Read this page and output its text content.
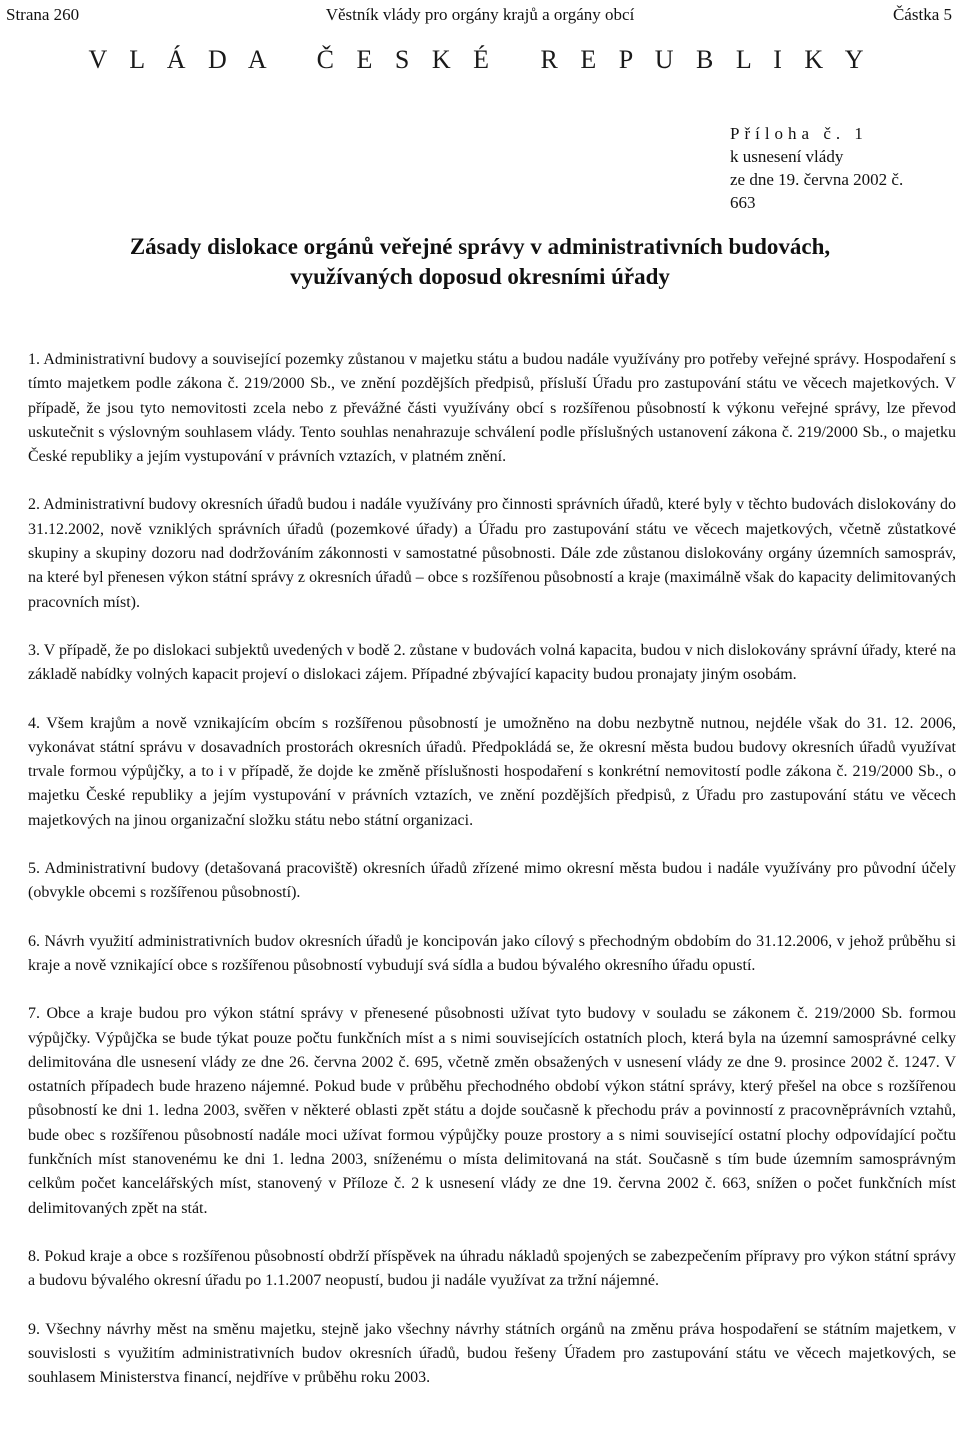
Strana 260	Věstník vlády pro orgány krajů a orgány obcí	Částka 5
V L Á D A   Č E S K É   R E P U B L I K Y
Příloha č. 1
k usnesení vlády
ze dne 19. června 2002 č. 663
Zásady dislokace orgánů veřejné správy v administrativních budovách,
využívaných doposud okresními úřady

1. Administrativní budovy a související pozemky zůstanou v majetku státu a budou nadále využívány pro potřeby veřejné správy. Hospodaření s tímto majetkem podle zákona č. 219/2000 Sb., ve znění pozdějších předpisů, přísluší Úřadu pro zastupování státu ve věcech majetkových. V případě, že jsou tyto nemovitosti zcela nebo z převážné části využívány obcí s rozšířenou působností k výkonu veřejné správy, lze převod uskutečnit s výslovným souhlasem vlády. Tento souhlas nenahrazuje schválení podle příslušných ustanovení zákona č. 219/2000 Sb., o majetku České republiky a jejím vystupování v právních vztazích, v platném znění.

2. Administrativní budovy okresních úřadů budou i nadále využívány pro činnosti správních úřadů, které byly v těchto budovách dislokovány do 31.12.2002, nově vzniklých správních úřadů (pozemkové úřady) a Úřadu pro zastupování státu ve věcech majetkových, včetně zůstatkové skupiny a skupiny dozoru nad dodržováním zákonnosti v samostatné působnosti. Dále zde zůstanou dislokovány orgány územních samospráv, na které byl přenesen výkon státní správy z okresních úřadů – obce s rozšířenou působností a kraje (maximálně však do kapacity delimitovaných pracovních míst).

3. V případě, že po dislokaci subjektů uvedených v bodě 2. zůstane v budovách volná kapacita, budou v nich dislokovány správní úřady, které na základě nabídky volných kapacit projeví o dislokaci zájem. Případné zbývající kapacity budou pronajaty jiným osobám.

4. Všem krajům a nově vznikajícím obcím s rozšířenou působností je umožněno na dobu nezbytně nutnou, nejdéle však do 31. 12. 2006, vykonávat státní správu v dosavadních prostorách okresních úřadů. Předpokládá se, že okresní města budou budovy okresních úřadů využívat trvale formou výpůjčky, a to i v případě, že dojde ke změně příslušnosti hospodaření s konkrétní nemovitostí podle zákona č. 219/2000 Sb., o majetku České republiky a jejím vystupování v právních vztazích, ve znění pozdějších předpisů, z Úřadu pro zastupování státu ve věcech majetkových na jinou organizační složku státu nebo státní organizaci.

5. Administrativní budovy (detašovaná pracoviště) okresních úřadů zřízené mimo okresní města budou i nadále využívány pro původní účely (obvykle obcemi s rozšířenou působností).

6. Návrh využití administrativních budov okresních úřadů je koncipován jako cílový s přechodným obdobím do 31.12.2006, v jehož průběhu si kraje a nově vznikající obce s rozšířenou působností vybudují svá sídla a budou bývalého okresního úřadu opustí.

7. Obce a kraje budou pro výkon státní správy v přenesené působnosti užívat tyto budovy v souladu se zákonem č. 219/2000 Sb. formou výpůjčky. Výpůjčka se bude týkat pouze počtu funkčních míst a s nimi souvisejících ostatních ploch, která byla na územní samosprávné celky delimitována dle usnesení vlády ze dne 26. června 2002 č. 695, včetně změn obsažených v usnesení vlády ze dne 9. prosince 2002 č. 1247. V ostatních případech bude hrazeno nájemné. Pokud bude v průběhu přechodného období výkon státní správy, který přešel na obce s rozšířenou působností ke dni 1. ledna 2003, svěřen v některé oblasti zpět státu a dojde současně k přechodu práv a povinností z pracovněprávních vztahů, bude obec s rozšířenou působností nadále moci užívat formou výpůjčky pouze prostory a s nimi související ostatní plochy odpovídající počtu funkčních míst stanovenému ke dni 1. ledna 2003, sníženému o místa delimitovaná na stát. Současně s tím bude územním samosprávným celkům počet kancelářských míst, stanovený v Příloze č. 2 k usnesení vlády ze dne 19. června 2002 č. 663, snížen o počet funkčních míst delimitovaných zpět na stát.

8. Pokud kraje a obce s rozšířenou působností obdrží příspěvek na úhradu nákladů spojených se zabezpečením přípravy pro výkon státní správy a budovu bývalého okresní úřadu po 1.1.2007 neopustí, budou ji nadále využívat za tržní nájemné.

9. Všechny návrhy měst na směnu majetku, stejně jako všechny návrhy státních orgánů na změnu práva hospodaření se státním majetkem, v souvislosti s využitím administrativních budov okresních úřadů, budou řešeny Úřadem pro zastupování státu ve věcech majetkových, se souhlasem Ministerstva financí, nejdříve v průběhu roku 2003.
